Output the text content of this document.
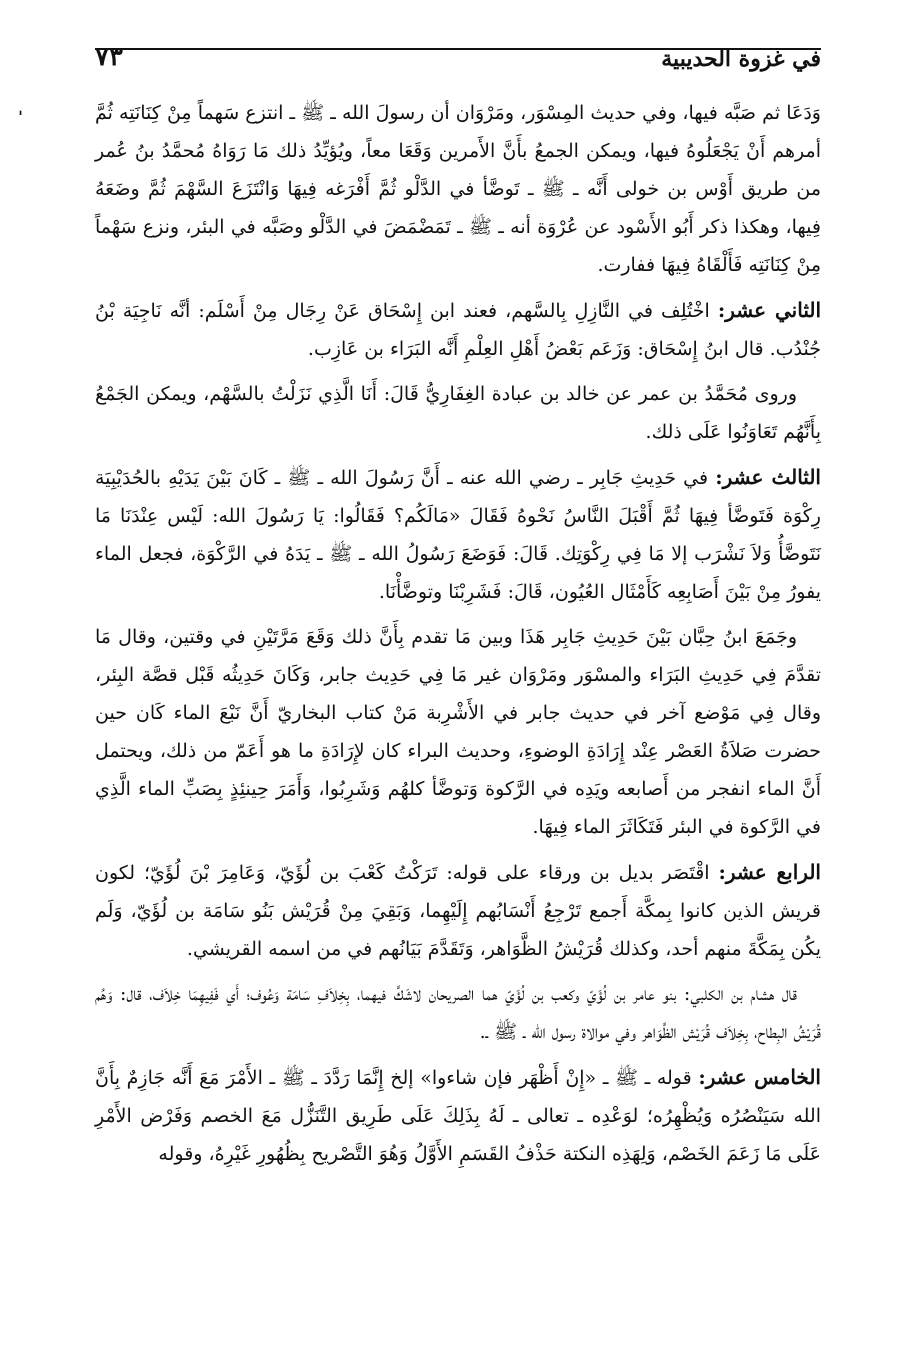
في غزوة الحديبية
٧٣
ˈ	وَدَعَا ثم صَبَّه فيها، وفي حديث المِسْوَر، ومَرْوَان أن رسولَ الله ـ ﷺ ـ انتزع سَهماً مِنْ كِنَانَتِه ثُمَّ أمرهم أَنْ يَجْعَلُوهُ فيها، ويمكن الجمعُ بأَنَّ الأَمرين وَقَعَا معاً، ويُؤيِّدُ ذلك مَا رَوَاهُ مُحمَّدُ بنُ عُمر من طريق أَوْس بن خولى أَنَّه ـ ﷺ ـ تَوضَّأ في الدَّلْو ثُمَّ أَفْرَغه فِيهَا وَانْتَزَعَ السَّهْمَ ثُمَّ وضَعَهُ فِيها، وهكذا ذكر أَبُو الأَسْود عن عُرْوَة أنه ـ ﷺ ـ تَمَضْمَضَ في الدَّلْو وصَبَّه في البئر، ونزع سَهْماً مِنْ كِنَانَتِه فَأَلْقَاهُ فِيهَا ففارت.

الثاني عشر: اخْتُلِف في النَّازِلِ بِالسَّهم، فعند ابن إِسْحَاق عَنْ رِجَال مِنْ أَسْلَم: أنَّه نَاجِيَة بْنُ جُنْدُب. قال ابنُ إِسْحَاق: وَزَعَم بَعْضُ أَهْلِ العِلْمِ أَنَّه البَرَاء بن عَازِب.

وروى مُحَمَّدُ بن عمر عن خالد بن عبادة الغِفَارِيُّ قَالَ: أَنَا الَّذِي نَزَلْتُ بالسَّهْم، ويمكن الجَمْعُ بِأَنَّهُم تَعَاوَنُوا عَلَى ذلك.

الثالث عشر: في حَدِيثِ جَابِر ـ رضي الله عنه ـ أَنَّ رَسُولَ الله ـ ﷺ ـ كَانَ بَيْنَ يَدَيْهِ بالحُدَيْبِيَة رِكْوَة فَتَوضَّأ فِيهَا ثُمَّ أَقْبَلَ النَّاسُ نَحْوهُ فَقَالَ «مَالَكُم؟ فَقَالُوا: يَا رَسُولَ الله: لَيْس عِنْدَنَا مَا نَتَوضَّأُ وَلاَ نَشْرَب إلا مَا فِي رِكْوَتِك. قَالَ: فَوَضَعَ رَسُولُ الله ـ ﷺ ـ يَدَهُ في الرَّكْوَة، فجعل الماء يفورُ مِنْ بَيْنَ أَصَابِعِه كَأَمْثَال العُيُون، قَالَ: فَشَرِبْنَا وتوضَّأْنَا.

وجَمَعَ ابنُ حِبَّان بَيْنَ حَدِيثِ جَابِر هَذَا وبين مَا تقدم بِأَنَّ ذلك وَقَعَ مَرَّتَيْنِ في وقتين، وقال مَا تقدَّمَ فِي حَدِيثِ البَرَاء والمسْوَر ومَرْوَان غير مَا فِي حَدِيث جابر، وَكَانَ حَدِيثُه قَبْل قصَّة البِئر، وقال فِي مَوْضع آخر في حديث جابر في الأَشْرِبة مَنْ كتاب البخاريّ أَنَّ نَبْعَ الماء كَان حين حضرت صَلاَةُ العَصْر عِنْد إِرَادَةِ الوضوءِ، وحديث البراء كان لإِرَادَةِ ما هو أَعَمّ من ذلك، ويحتمل أَنَّ الماء انفجر من أَصابعه ويَدِه في الرَّكوة وَتوضَّأ كلهُم وَشَرِبُوا، وَأَمَرَ حِينئِذٍ بِصَبِّ الماء الَّذِي في الرَّكوة في البئر فَتَكَاثَرَ الماء فِيهَا.

الرابع عشر: اقْتَصَر بديل بن ورقاء على قوله: تَرَكْتُ كَعْبَ بن لُؤَيّ، وَعَامِرَ بْنَ لُؤَيّ؛ لكون قريش الذين كانوا بِمكَّة أَجمع تَرْجِعُ أَنْسَابُهم إِلَيْهِما، وَبَقِيَ مِنْ قُرَيْش بَنُو سَامَة بن لُؤَيّ، وَلَم يكُن بِمَكَّةَ منهم أحد، وكذلك قُرَيْشُ الظَّوَاهر، وَتَقَدَّمَ بَيَانُهم في من اسمه القريشي.

قال هشام بن الكلبي: بنو عامر بن لُؤَيّ وكعب بن لُؤَيّ هما الصريحان لاشَكَّ فيهما، بِخِلاَفِ سَامَة وَعُوف؛ أَي فَفِيهِمَا خِلاَف، قال: وَهُم قُرَيْشُ البِطاح، بِخِلاَف قُرَيْش الظَّوَاهر وفي موالاة رسول الله ـ ﷺ ـ.

الخامس عشر: قوله ـ ﷺ ـ «إِنْ أَظْهَر فإن شاءوا» إلخ إِنَّمَا رَدَّدَ ـ ﷺ ـ الأَمْرَ مَعَ أَنَّه جَازِمٌ بِأَنَّ الله سَيَنْصُرُه وَيُظْهِرُه؛ لوَعْدِه ـ تعالى ـ لَهُ بِذَلِكَ عَلَى طَرِيق التَّنَزُّل مَعَ الخصم وَفَرْض الأَمْرِ عَلَى مَا زَعَمَ الخَصْم، وَلِهَذِه النكتة حَذْفُ القَسَمِ الأَوَّلُ وَهُوَ التَّصْريح بِظُهُورِ غَيْرِهُ، وقوله
